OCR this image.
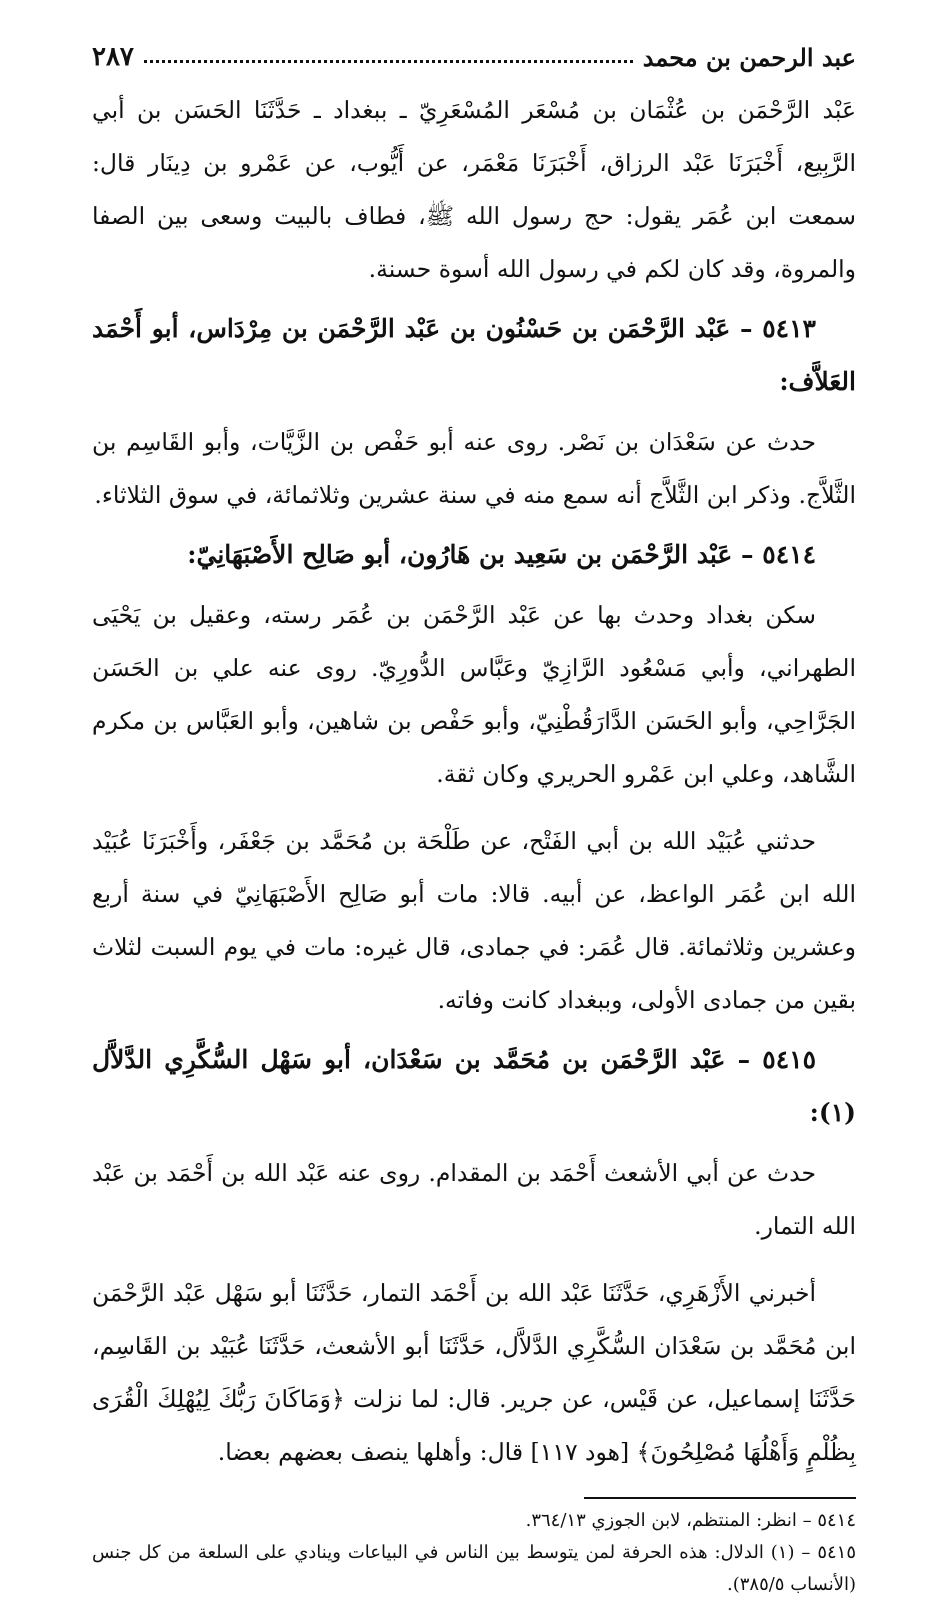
عبد الرحمن بن محمد
٢٨٧

عَبْد الرَّحْمَن بن عُثْمَان بن مُسْعَر المُسْعَرِيّ ـ ببغداد ـ حَدَّثَنَا الحَسَن بن أبي الرَّبِيع، أَخْبَرَنَا عَبْد الرزاق، أَخْبَرَنَا مَعْمَر، عن أَيُّوب، عن عَمْرو بن دِينَار قال: سمعت ابن عُمَر يقول: حج رسول الله ﷺ، فطاف بالبيت وسعى بين الصفا والمروة، وقد كان لكم في رسول الله أسوة حسنة.

٥٤١٣ – عَبْد الرَّحْمَن بن حَسْنُون بن عَبْد الرَّحْمَن بن مِرْدَاس، أبو أَحْمَد العَلاَّف:

حدث عن سَعْدَان بن نَصْر. روى عنه أبو حَفْص بن الزَّيَّات، وأبو القَاسِم بن الثَّلاَّج. وذكر ابن الثَّلاَّج أنه سمع منه في سنة عشرين وثلاثمائة، في سوق الثلاثاء.

٥٤١٤ – عَبْد الرَّحْمَن بن سَعِيد بن هَارُون، أبو صَالِح الأَصْبَهَانِيّ:

سكن بغداد وحدث بها عن عَبْد الرَّحْمَن بن عُمَر رسته، وعقيل بن يَحْيَى الطهراني، وأبي مَسْعُود الرَّازِيّ وعَبَّاس الدُّورِيّ. روى عنه علي بن الحَسَن الجَرَّاحِي، وأبو الحَسَن الدَّارَقُطْنِيّ، وأبو حَفْص بن شاهين، وأبو العَبَّاس بن مكرم الشَّاهد، وعلي ابن عَمْرو الحريري وكان ثقة.

حدثني عُبَيْد الله بن أبي الفَتْح، عن طَلْحَة بن مُحَمَّد بن جَعْفَر، وأَخْبَرَنَا عُبَيْد الله ابن عُمَر الواعظ، عن أبيه. قالا: مات أبو صَالِح الأَصْبَهَانِيّ في سنة أربع وعشرين وثلاثمائة. قال عُمَر: في جمادى، قال غيره: مات في يوم السبت لثلاث بقين من جمادى الأولى، وببغداد كانت وفاته.

٥٤١٥ – عَبْد الرَّحْمَن بن مُحَمَّد بن سَعْدَان، أبو سَهْل السُّكَّرِي الدَّلاَّل (١):

حدث عن أبي الأشعث أَحْمَد بن المقدام. روى عنه عَبْد الله بن أَحْمَد بن عَبْد الله التمار.

أخبرني الأَزْهَرِي، حَدَّثَنَا عَبْد الله بن أَحْمَد التمار، حَدَّثَنَا أبو سَهْل عَبْد الرَّحْمَن ابن مُحَمَّد بن سَعْدَان السُّكَّرِي الدَّلاَّل، حَدَّثَنَا أبو الأشعث، حَدَّثَنَا عُبَيْد بن القَاسِم، حَدَّثَنَا إسماعيل، عن قَيْس، عن جرير. قال: لما نزلت ﴿وَمَاكَانَ رَبُّكَ لِيُهْلِكَ الْقُرَى بِظُلْمٍ وَأَهْلُهَا مُصْلِحُونَ﴾ [هود ١١٧] قال: وأهلها ينصف بعضهم بعضا.

٥٤١٤ – انظر: المنتظم، لابن الجوزي ٣٦٤/١٣.

٥٤١٥ – (١) الدلال: هذه الحرفة لمن يتوسط بين الناس في البياعات وينادي على السلعة من كل جنس (الأنساب ٣٨٥/٥).
